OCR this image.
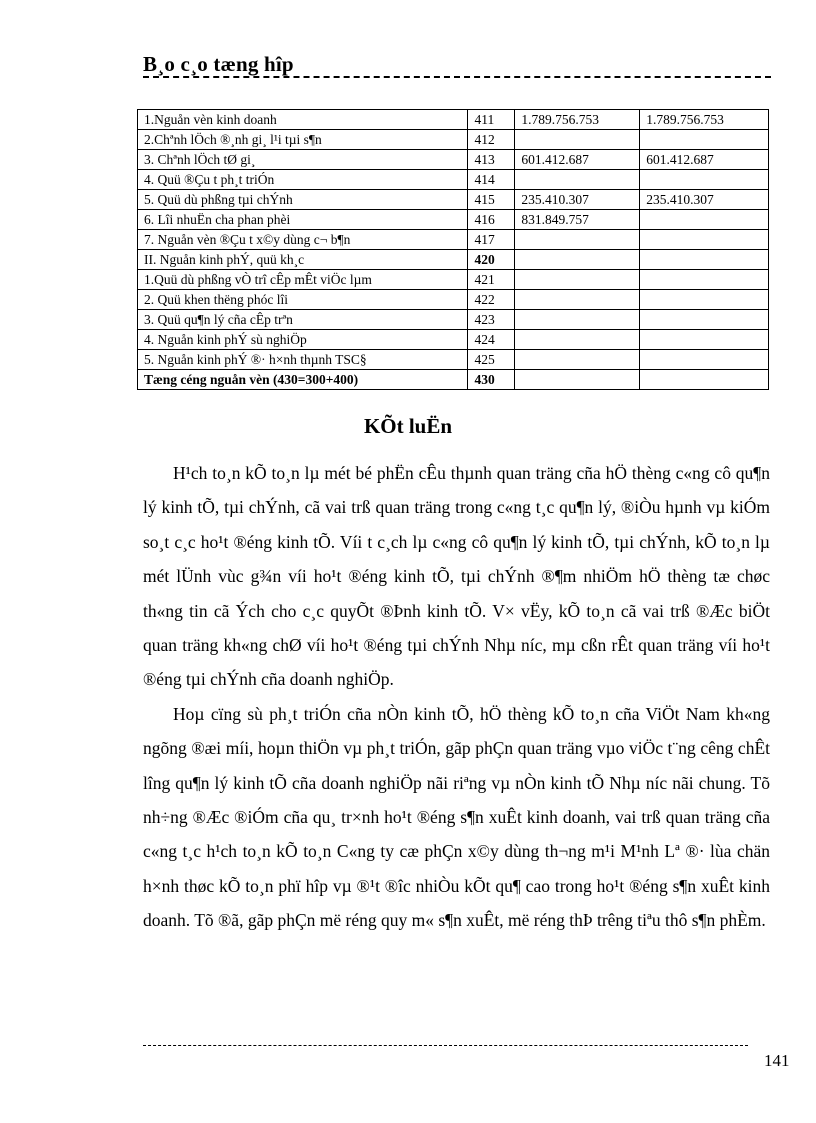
B¸o c¸o tæng hîp
1.Nguån vèn kinh doanh	411	1.789.756.753	1.789.756.753
2.Chªnh lÖch ®¸nh gi¸ l¹i tµi s¶n	412		
3. Chªnh lÖch tØ gi¸	413	601.412.687	601.412.687
4. Quü ®Çu t ph¸t triÓn	414		
5. Quü dù phßng tµi chÝnh	415	235.410.307	235.410.307
6. Lîi nhuËn cha phan phèi	416	831.849.757	
7. Nguån vèn ®Çu t x©y dùng c¬ b¶n	417		
II. Nguån kinh phÝ, quü kh¸c	420		
1.Quü dù phßng vÒ trî cÊp mÊt viÖc lµm	421		
2. Quü khen thëng phóc lîi	422		
3. Quü qu¶n lý cña cÊp trªn	423		
4. Nguån kinh phÝ sù nghiÖp	424		
5. Nguån kinh phÝ ®· h×nh thµnh TSC§	425		
Tæng céng nguån vèn (430=300+400)	430		
KÕt luËn

H¹ch to¸n kÕ to¸n lµ mét bé phËn cÊu thµnh quan träng cña hÖ thèng c«ng cô qu¶n lý kinh tÕ, tµi chÝnh, cã vai trß quan träng trong c«ng t¸c qu¶n lý, ®iÒu hµnh vµ kiÓm so¸t c¸c ho¹t ®éng kinh tÕ. Víi t c¸ch lµ c«ng cô qu¶n lý kinh tÕ, tµi chÝnh, kÕ to¸n lµ mét lÜnh vùc g¾n víi ho¹t ®éng kinh tÕ, tµi chÝnh ®¶m nhiÖm hÖ thèng tæ chøc th«ng tin cã Ých cho c¸c quyÕt ®Þnh kinh tÕ. V× vËy, kÕ to¸n cã vai trß ®Æc biÖt quan träng kh«ng chØ víi ho¹t ®éng tµi chÝnh Nhµ níc, mµ cßn rÊt quan träng víi ho¹t ®éng tµi chÝnh cña doanh nghiÖp.

Hoµ cïng sù ph¸t triÓn cña nÒn kinh tÕ, hÖ thèng kÕ to¸n cña ViÖt Nam kh«ng ngõng ®æi míi, hoµn thiÖn vµ ph¸t triÓn, gãp phÇn quan träng vµo viÖc t¨ng cêng chÊt lîng qu¶n lý kinh tÕ cña doanh nghiÖp nãi riªng vµ nÒn kinh tÕ Nhµ níc nãi chung. Tõ nh÷ng ®Æc ®iÓm cña qu¸ tr×nh ho¹t ®éng s¶n xuÊt kinh doanh, vai trß quan träng cña c«ng t¸c h¹ch to¸n kÕ to¸n C«ng ty cæ phÇn x©y dùng th¬ng m¹i M¹nh Lª ®· lùa chän h×nh thøc kÕ to¸n phï hîp vµ ®¹t ®îc nhiÒu kÕt qu¶ cao trong ho¹t ®éng s¶n xuÊt kinh doanh. Tõ ®ã, gãp phÇn më réng quy m« s¶n xuÊt, më réng thÞ trêng tiªu thô s¶n phÈm.

141
